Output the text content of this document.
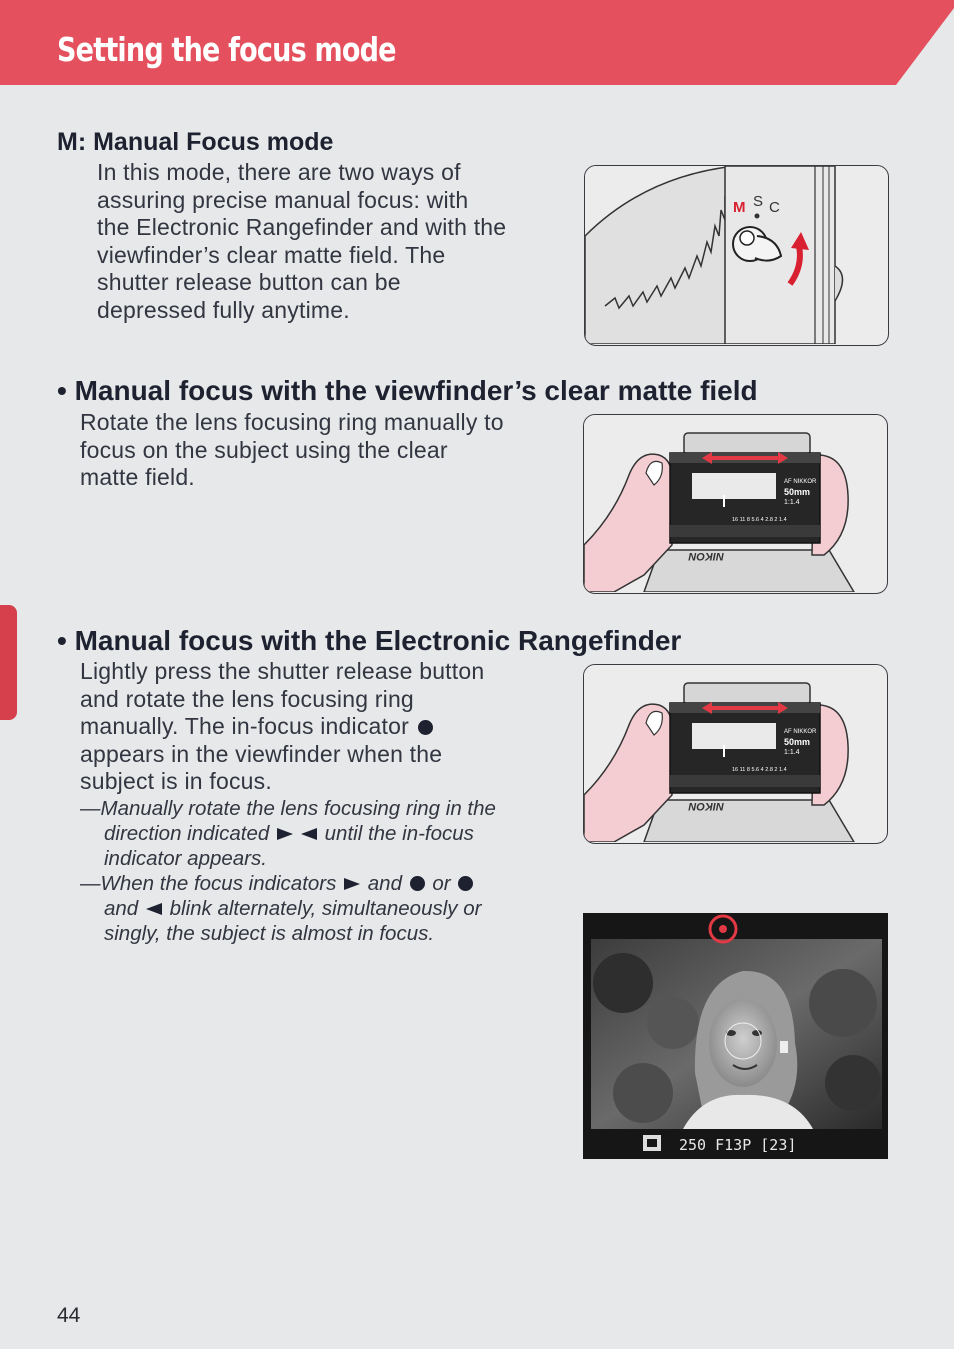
Setting the focus mode
M: Manual Focus mode
In this mode, there are two ways of
assuring precise manual focus: with
the Electronic Rangefinder and with the
viewfinder’s clear matte field. The
shutter release button can be
depressed fully anytime.
M S C
• Manual focus with the viewfinder’s clear matte field
Rotate the lens focusing ring manually to
focus on the subject using the clear
matte field.	AF NIKKOR
50mm
1:1.4
16 11 8 5.6 4 2.8 2 1.4
NIKON
• Manual focus with the Electronic Rangefinder
Lightly press the shutter release button
and rotate the lens focusing ring
manually. The in-focus indicator
appears in the viewfinder when the
subject is in focus.
—Manually rotate the lens focusing ring in the
direction indicated	until the in-focus
indicator appears.
—When the focus indicators and or
and blink alternately, simultaneously or
singly, the subject is almost in focus.
AF NIKKOR
50mm
1:1.4
16 11 8 5.6 4 2.8 2 1.4
NIKON
250 F13P [23]
44
